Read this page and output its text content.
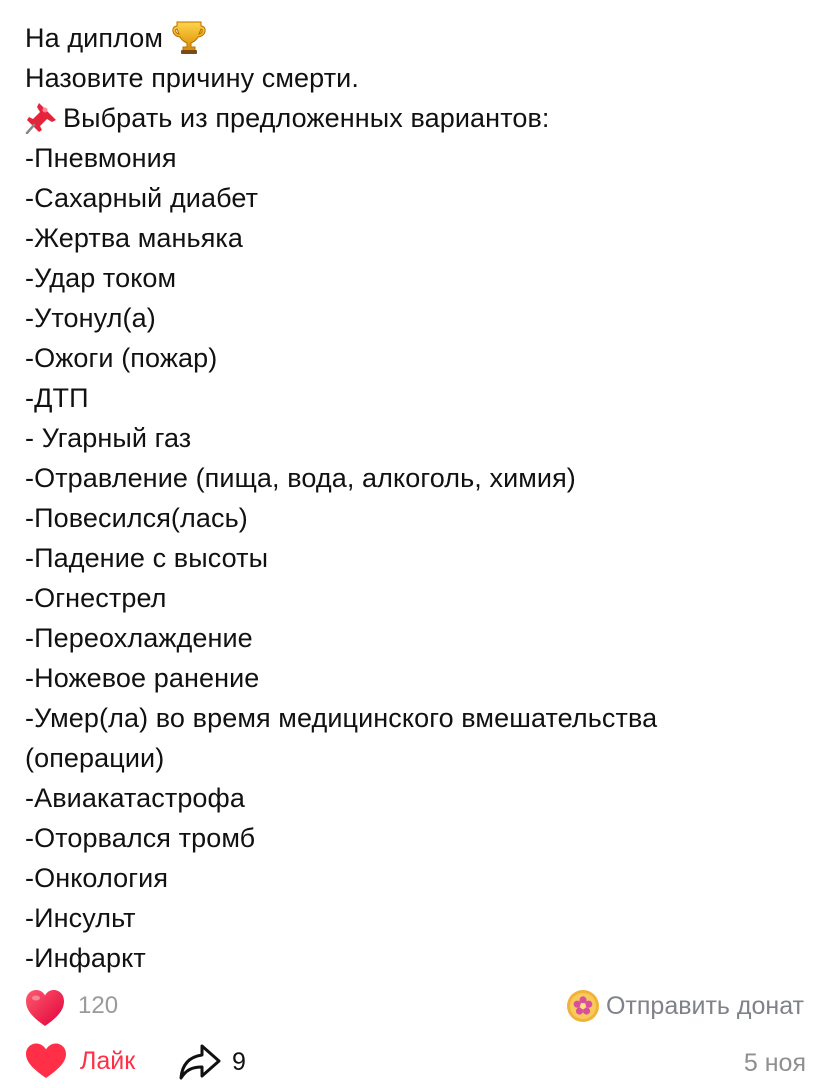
На диплом
Назовите причину смерти.
Выбрать из предложенных вариантов:
-Пневмония
-Сахарный диабет
-Жертва маньяка
-Удар током
-Утонул(а)
-Ожоги (пожар)
-ДТП
- Угарный газ
-Отравление (пища, вода, алкоголь, химия)
-Повесился(лась)
-Падение с высоты
-Огнестрел
-Переохлаждение
-Ножевое ранение
-Умер(ла) во время медицинского вмешательства
(операции)
-Авиакатастрофа
-Оторвался тромб
-Онкология
-Инсульт
-Инфаркт
120	Отправить донат
Лайк	9	5 ноя
